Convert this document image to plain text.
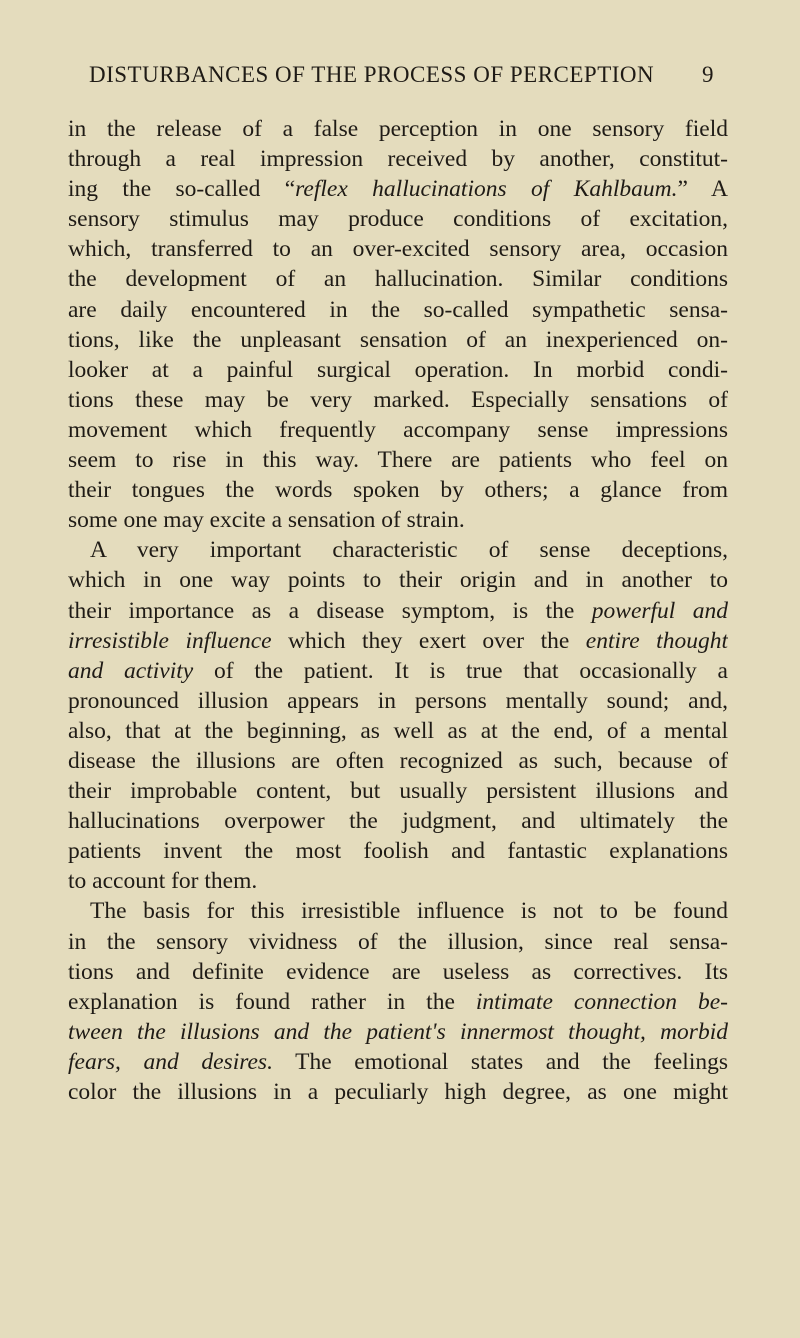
DISTURBANCES OF THE PROCESS OF PERCEPTION 9
in the release of a false perception in one sensory field
through a real impression received by another, constitut-
ing the so-called “reflex hallucinations of Kahlbaum.” A
sensory stimulus may produce conditions of excitation,
which, transferred to an over-excited sensory area, occasion
the development of an hallucination. Similar conditions
are daily encountered in the so-called sympathetic sensa-
tions, like the unpleasant sensation of an inexperienced on-
looker at a painful surgical operation. In morbid condi-
tions these may be very marked. Especially sensations of
movement which frequently accompany sense impressions
seem to rise in this way. There are patients who feel on
their tongues the words spoken by others; a glance from
some one may excite a sensation of strain.
A very important characteristic of sense deceptions,
which in one way points to their origin and in another to
their importance as a disease symptom, is the powerful and
irresistible influence which they exert over the entire thought
and activity of the patient. It is true that occasionally a
pronounced illusion appears in persons mentally sound; and,
also, that at the beginning, as well as at the end, of a mental
disease the illusions are often recognized as such, because of
their improbable content, but usually persistent illusions and
hallucinations overpower the judgment, and ultimately the
patients invent the most foolish and fantastic explanations
to account for them.
The basis for this irresistible influence is not to be found
in the sensory vividness of the illusion, since real sensa-
tions and definite evidence are useless as correctives. Its
explanation is found rather in the intimate connection be-
tween the illusions and the patient's innermost thought, morbid
fears, and desires. The emotional states and the feelings
color the illusions in a peculiarly high degree, as one might
